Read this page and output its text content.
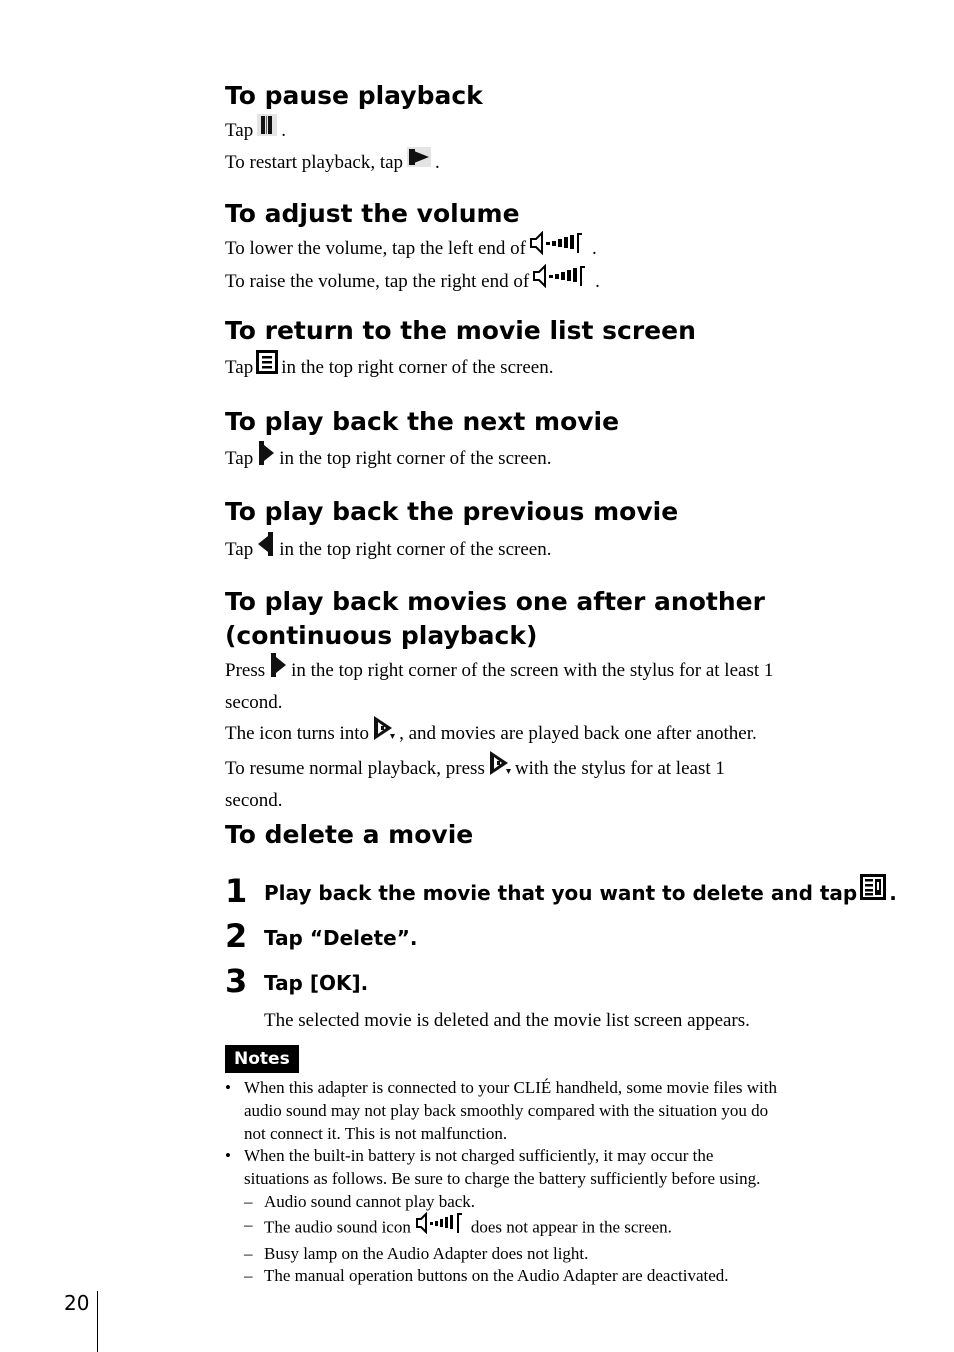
To pause playback

Tap .

To restart playback, tap .

To adjust the volume

To lower the volume, tap the left end of	.

To raise the volume, tap the right end of	.

To return to the movie list screen

Tap in the top right corner of the screen.

To play back the next movie

Tap in the top right corner of the screen.

To play back the previous movie

Tap in the top right corner of the screen.

To play back movies one after another
(continuous playback)

Press in the top right corner of the screen with the stylus for at least 1
second.

The icon turns into , and movies are played back one after another.

To resume normal playback, press with the stylus for at least 1
second.

To delete a movie
1 Play back the movie that you want to delete and tap .
2 Tap “Delete”.
3 Tap [OK].
The selected movie is deleted and the movie list screen appears.
Notes
• When this adapter is connected to your CLIÉ handheld, some movie files with
audio sound may not play back smoothly compared with the situation you do
not connect it. This is not malfunction.
• When the built-in battery is not charged sufficiently, it may occur the
situations as follows. Be sure to charge the battery sufficiently before using.
– Audio sound cannot play back.
– The audio sound icon	does not appear in the screen.
– Busy lamp on the Audio Adapter does not light.
– The manual operation buttons on the Audio Adapter are deactivated.
20
